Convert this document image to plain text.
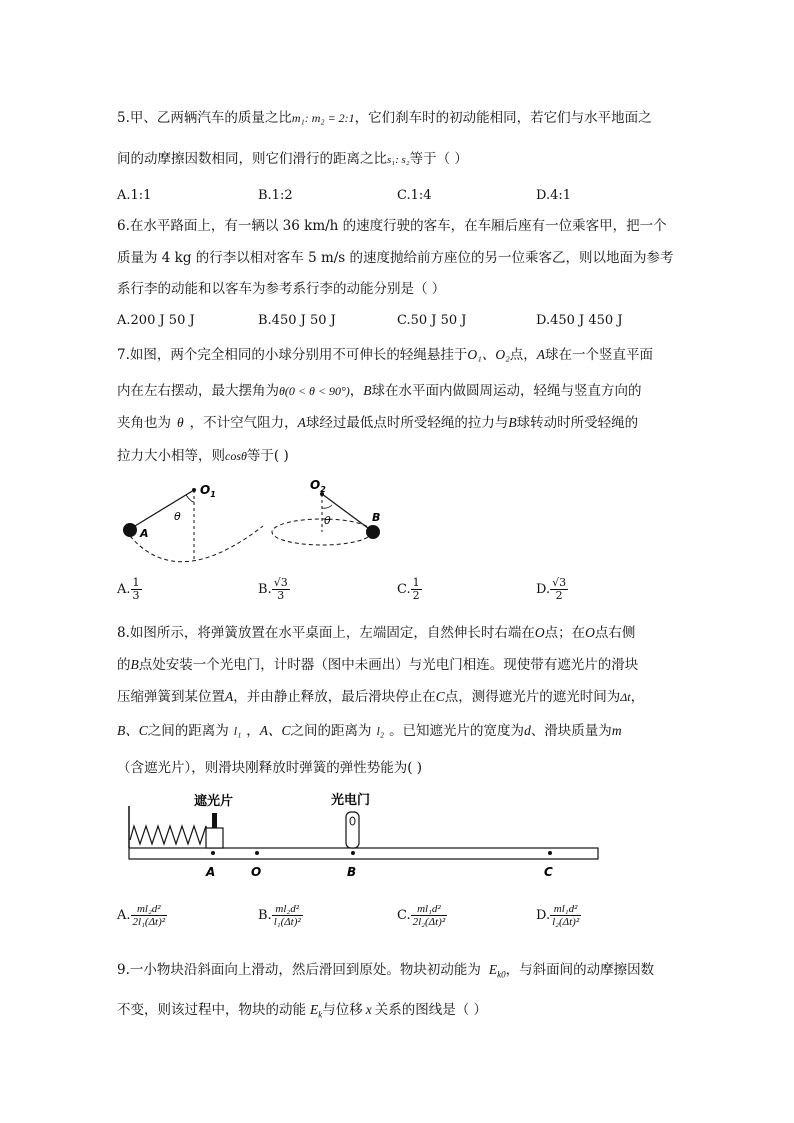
5.甲、乙两辆汽车的质量之比m₁: m₂ = 2:1，它们刹车时的初动能相同，若它们与水平地面之
间的动摩擦因数相同，则它们滑行的距离之比s₁: s₂等于（ ）
A.1:1	B.1:2	C.1:4	D.4:1
6.在水平路面上，有一辆以 36 km/h 的速度行驶的客车，在车厢后座有一位乘客甲，把一个
质量为 4 kg 的行李以相对客车 5 m/s 的速度抛给前方座位的另一位乘客乙，则以地面为参考
系行李的动能和以客车为参考系行李的动能分别是（ ）
A.200 J 50 J	B.450 J 50 J	C.50 J 50 J	D.450 J 450 J
7.如图，两个完全相同的小球分别用不可伸长的轻绳悬挂于O₁、O₂点，A球在一个竖直平面
内在左右摆动，最大摆角为θ(0 < θ < 90°)，B球在水平面内做圆周运动，轻绳与竖直方向的
夹角也为 θ ，不计空气阻力，A球经过最低点时所受轻绳的拉力与B球转动时所受轻绳的
拉力大小相等，则cosθ等于( )
$O_1$
A
θ
$O_2$
θ	B
A. $\frac{1}{3}$	B. $\frac{√3}{3}$	C. $\frac{1}{2}$	D. $\frac{√3}{2}$
8.如图所示，将弹簧放置在水平桌面上，左端固定，自然伸长时右端在O点；在O点右侧
的B点处安装一个光电门，计时器（图中未画出）与光电门相连。现使带有遮光片的滑块
压缩弹簧到某位置A，并由静止释放，最后滑块停止在C点，测得遮光片的遮光时间为Δt，
B、C之间的距离为 l₁ ，A、C之间的距离为 l₂ 。已知遮光片的宽度为d、滑块质量为m
（含遮光片），则滑块刚释放时弹簧的弹性势能为( )
遮光片	光电门
A	O	B	C
A. $\frac{\text{ml₂d²}}{\text{2l₁(Δt)²}}$	B. $\frac{\text{ml₂d²}}{\text{l₁(Δt)²}}$	C. $\frac{\text{ml₁d²}}{\text{2l₂(Δt)²}}$	D. $\frac{\text{ml₁d²}}{\text{l₂(Δt)²}}$
9.一小物块沿斜面向上滑动，然后滑回到原处。物块初动能为 $E_{k0}$，与斜面间的动摩擦因数
不变，则该过程中，物块的动能 $E_k$与位移 x 关系的图线是（ ）
